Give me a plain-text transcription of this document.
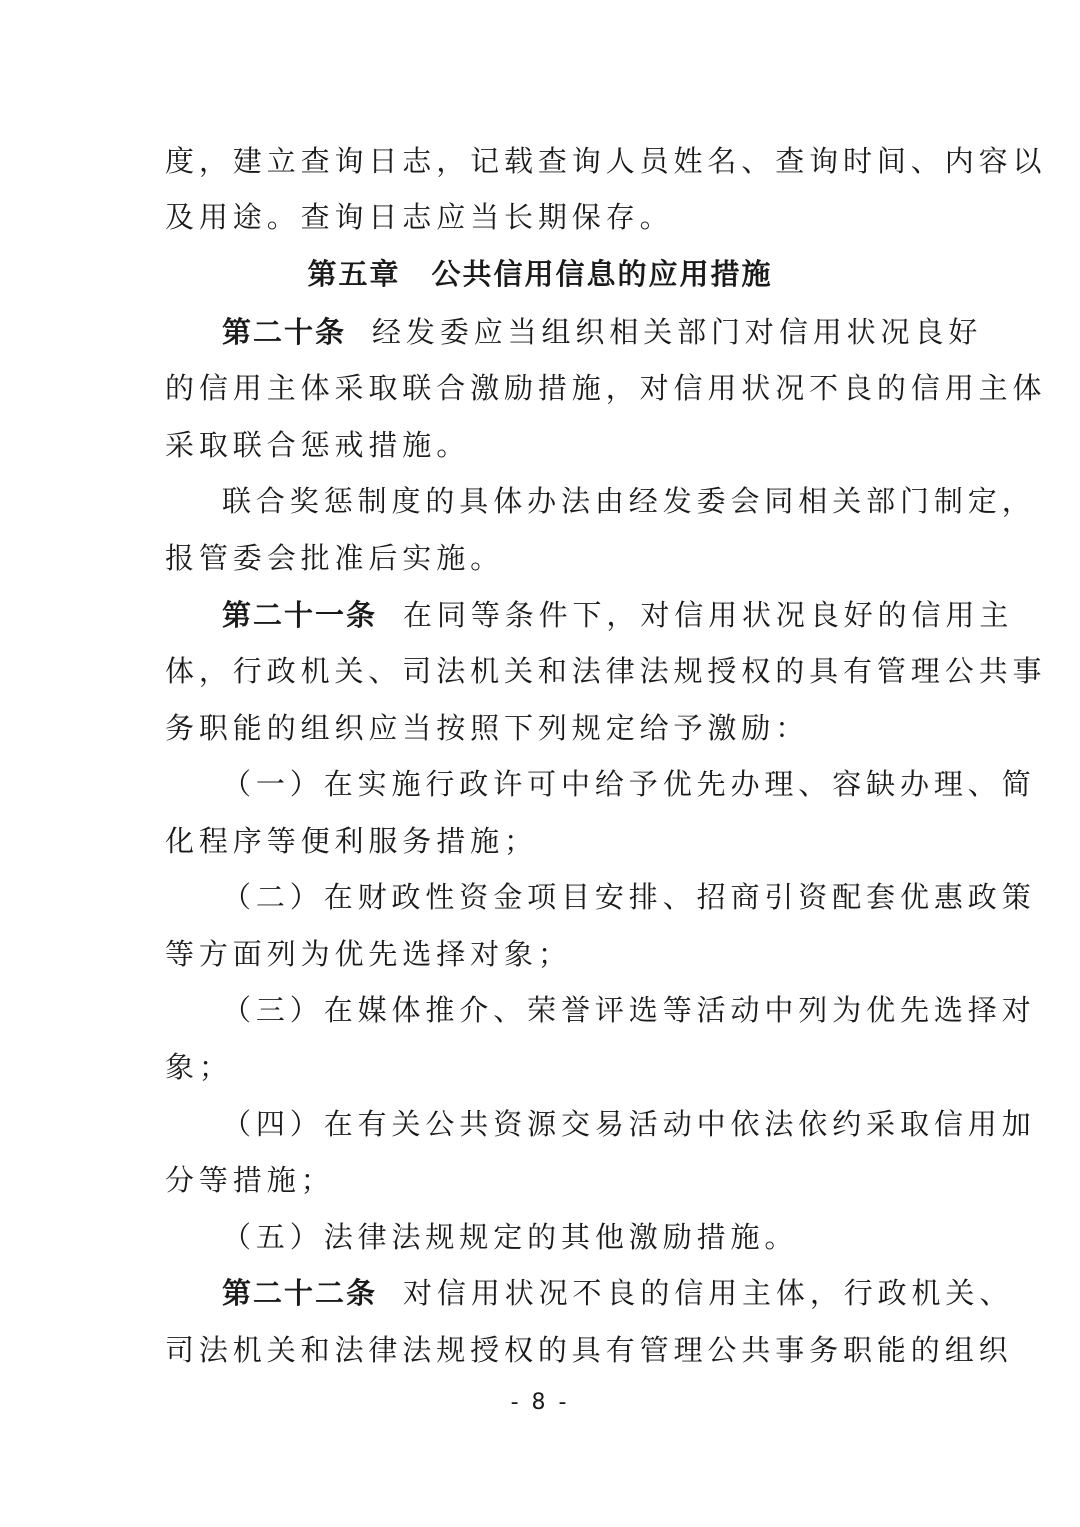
度，建立查询日志，记载查询人员姓名、查询时间、内容以
及用途。查询日志应当长期保存。
第五章　公共信用信息的应用措施
第二十条 经发委应当组织相关部门对信用状况良好
的信用主体采取联合激励措施，对信用状况不良的信用主体
采取联合惩戒措施。
联合奖惩制度的具体办法由经发委会同相关部门制定，
报管委会批准后实施。
第二十一条 在同等条件下，对信用状况良好的信用主
体，行政机关、司法机关和法律法规授权的具有管理公共事
务职能的组织应当按照下列规定给予激励：
（一）在实施行政许可中给予优先办理、容缺办理、简
化程序等便利服务措施；
（二）在财政性资金项目安排、招商引资配套优惠政策
等方面列为优先选择对象；
（三）在媒体推介、荣誉评选等活动中列为优先选择对
象；
（四）在有关公共资源交易活动中依法依约采取信用加
分等措施；
（五）法律法规规定的其他激励措施。
第二十二条 对信用状况不良的信用主体，行政机关、
司法机关和法律法规授权的具有管理公共事务职能的组织
- 8 -
